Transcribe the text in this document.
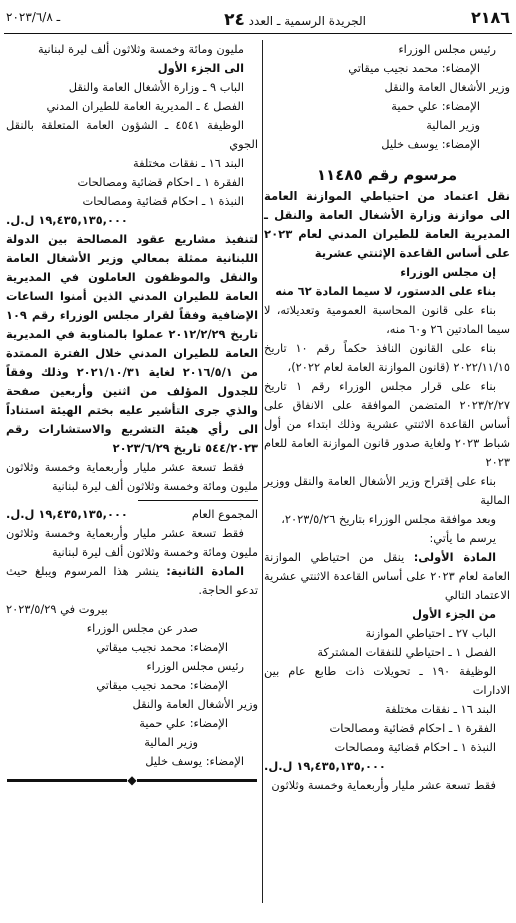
٢١٨٦
الجريدة الرسمية ـ العدد ٢٤
ـ ٢٠٢٣/٦/٨

رئيس مجلس الوزراء

الإمضاء: محمد نجيب ميقاتي

وزير الأشغال العامة والنقل

الإمضاء: علي حمية

وزير المالية

الإمضاء: يوسف خليل

مرسوم رقم ١١٤٨٥

نقل اعتماد من احتياطي الموازنة العامة الى موازنة وزارة الأشغال العامة والنقل ـ المديرية العامة للطيران المدني لعام ٢٠٢٣ على أساس القاعدة الإثنتي عشرية

إن مجلس الوزراء

بناء على الدستور، لا سيما المادة ٦٢ منه

بناء على قانون المحاسبة العمومية وتعديلاته، لا سيما المادتين ٢٦ و٦٠ منه،

بناء على القانون النافذ حكماً رقم ١٠ تاريخ ٢٠٢٢/١١/١٥ (قانون الموازنة العامة لعام ٢٠٢٢)،

بناء على قرار مجلس الوزراء رقم ١ تاريخ ٢٠٢٣/٢/٢٧ المتضمن الموافقة على الانفاق على أساس القاعدة الاثنتي عشرية وذلك ابتداء من أول شباط ٢٠٢٣ ولغاية صدور قانون الموازنة العامة للعام ٢٠٢٣

بناء على إقتراح وزير الأشغال العامة والنقل ووزير المالية

وبعد موافقة مجلس الوزراء بتاريخ ٢٠٢٣/٥/٢٦،

يرسم ما يأتي:

المادة الأولى: ينقل من احتياطي الموازنة العامة لعام ٢٠٢٣ على أساس القاعدة الاثنتي عشرية الاعتماد التالي

من الجزء الأول

الباب ٢٧ ـ احتياطي الموازنة

الفصل ١ ـ احتياطي للنفقات المشتركة

الوظيفة ١٩٠ ـ تحويلات ذات طابع عام بين الادارات

البند ١٦ ـ نفقات مختلفة

الفقرة ١ ـ احكام قضائية ومصالحات

النبذة ١ ـ احكام قضائية ومصالحات

١٩,٤٣٥,١٣٥,٠٠٠ ل.ل.

فقط تسعة عشر مليار وأربعماية وخمسة وثلاثون

مليون ومائة وخمسة وثلاثون ألف ليرة لبنانية

الى الجزء الأول

الباب ٩ ـ وزارة الأشغال العامة والنقل

الفصل ٤ ـ المديرية العامة للطيران المدني

الوظيفة ٤٥٤١ ـ الشؤون العامة المتعلقة بالنقل الجوي

البند ١٦ ـ نفقات مختلفة

الفقرة ١ ـ احكام قضائية ومصالحات

النبذة ١ ـ احكام قضائية ومصالحات

١٩,٤٣٥,١٣٥,٠٠٠ ل.ل.

لتنفيذ مشاريع عقود المصالحة بين الدولة اللبنانية ممثلة بمعالي وزير الأشغال العامة والنقل والموظفون العاملون في المديرية العامة للطيران المدني الذين أمنوا الساعات الإضافية وفقاً لقرار مجلس الوزراء رقم ١٠٩ تاريخ ٢٠١٢/٢/٢٩ عملوا بالمناوبة في المديرية العامة للطيران المدني خلال الفترة الممتدة من ٢٠١٦/٥/١ لغاية ٢٠٢١/١٠/٣١ وذلك وفقاً للجدول المؤلف من اثنين وأربعين صفحة والذي جرى التأشير عليه بختم الهيئة استناداً الى رأي هيئة التشريع والاستشارات رقم ٥٤٤/٢٠٢٣ تاريخ ٢٠٢٣/٦/٢٩

فقط تسعة عشر مليار وأربعماية وخمسة وثلاثون مليون ومائة وخمسة وثلاثون ألف ليرة لبنانية

المجموع العام
١٩,٤٣٥,١٣٥,٠٠٠ ل.ل.

فقط تسعة عشر مليار وأربعماية وخمسة وثلاثون مليون ومائة وخمسة وثلاثون ألف ليرة لبنانية

المادة الثانية: ينشر هذا المرسوم ويبلغ حيث تدعو الحاجة.

بيروت في ٢٠٢٣/٥/٢٩

صدر عن مجلس الوزراء

الإمضاء: محمد نجيب ميقاتي

رئيس مجلس الوزراء

الإمضاء: محمد نجيب ميقاتي

وزير الأشغال العامة والنقل

الإمضاء: علي حمية

وزير المالية

الإمضاء: يوسف خليل

◆
